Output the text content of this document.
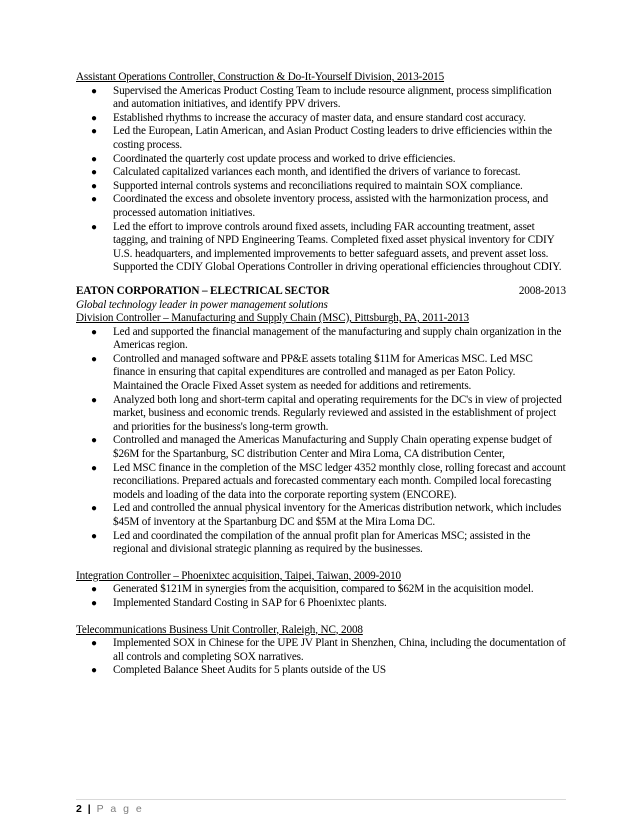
Assistant Operations Controller, Construction & Do-It-Yourself Division, 2013-2015
● Supervised the Americas Product Costing Team to include resource alignment, process simplification and automation initiatives, and identify PPV drivers.
● Established rhythms to increase the accuracy of master data, and ensure standard cost accuracy.
● Led the European, Latin American, and Asian Product Costing leaders to drive efficiencies within the costing process.
● Coordinated the quarterly cost update process and worked to drive efficiencies.
● Calculated capitalized variances each month, and identified the drivers of variance to forecast.
● Supported internal controls systems and reconciliations required to maintain SOX compliance.
● Coordinated the excess and obsolete inventory process, assisted with the harmonization process, and processed automation initiatives.
● Led the effort to improve controls around fixed assets, including FAR accounting treatment, asset tagging, and training of NPD Engineering Teams. Completed fixed asset physical inventory for CDIY U.S. headquarters, and implemented improvements to better safeguard assets, and prevent asset loss. Supported the CDIY Global Operations Controller in driving operational efficiencies throughout CDIY.
EATON CORPORATION – ELECTRICAL SECTOR	2008-2013
Global technology leader in power management solutions
Division Controller – Manufacturing and Supply Chain (MSC), Pittsburgh, PA, 2011-2013
● Led and supported the financial management of the manufacturing and supply chain organization in the Americas region.
● Controlled and managed software and PP&E assets totaling $11M for Americas MSC. Led MSC finance in ensuring that capital expenditures are controlled and managed as per Eaton Policy. Maintained the Oracle Fixed Asset system as needed for additions and retirements.
● Analyzed both long and short-term capital and operating requirements for the DC's in view of projected market, business and economic trends. Regularly reviewed and assisted in the establishment of project and priorities for the business's long-term growth.
● Controlled and managed the Americas Manufacturing and Supply Chain operating expense budget of $26M for the Spartanburg, SC distribution Center and Mira Loma, CA distribution Center,
● Led MSC finance in the completion of the MSC ledger 4352 monthly close, rolling forecast and account reconciliations. Prepared actuals and forecasted commentary each month. Compiled local forecasting models and loading of the data into the corporate reporting system (ENCORE).
● Led and controlled the annual physical inventory for the Americas distribution network, which includes $45M of inventory at the Spartanburg DC and $5M at the Mira Loma DC.
● Led and coordinated the compilation of the annual profit plan for Americas MSC; assisted in the regional and divisional strategic planning as required by the businesses.
Integration Controller – Phoenixtec acquisition, Taipei, Taiwan, 2009-2010
● Generated $121M in synergies from the acquisition, compared to $62M in the acquisition model.
● Implemented Standard Costing in SAP for 6 Phoenixtec plants.
Telecommunications Business Unit Controller, Raleigh, NC, 2008
● Implemented SOX in Chinese for the UPE JV Plant in Shenzhen, China, including the documentation of all controls and completing SOX narratives.
● Completed Balance Sheet Audits for 5 plants outside of the US
2 | P a g e
